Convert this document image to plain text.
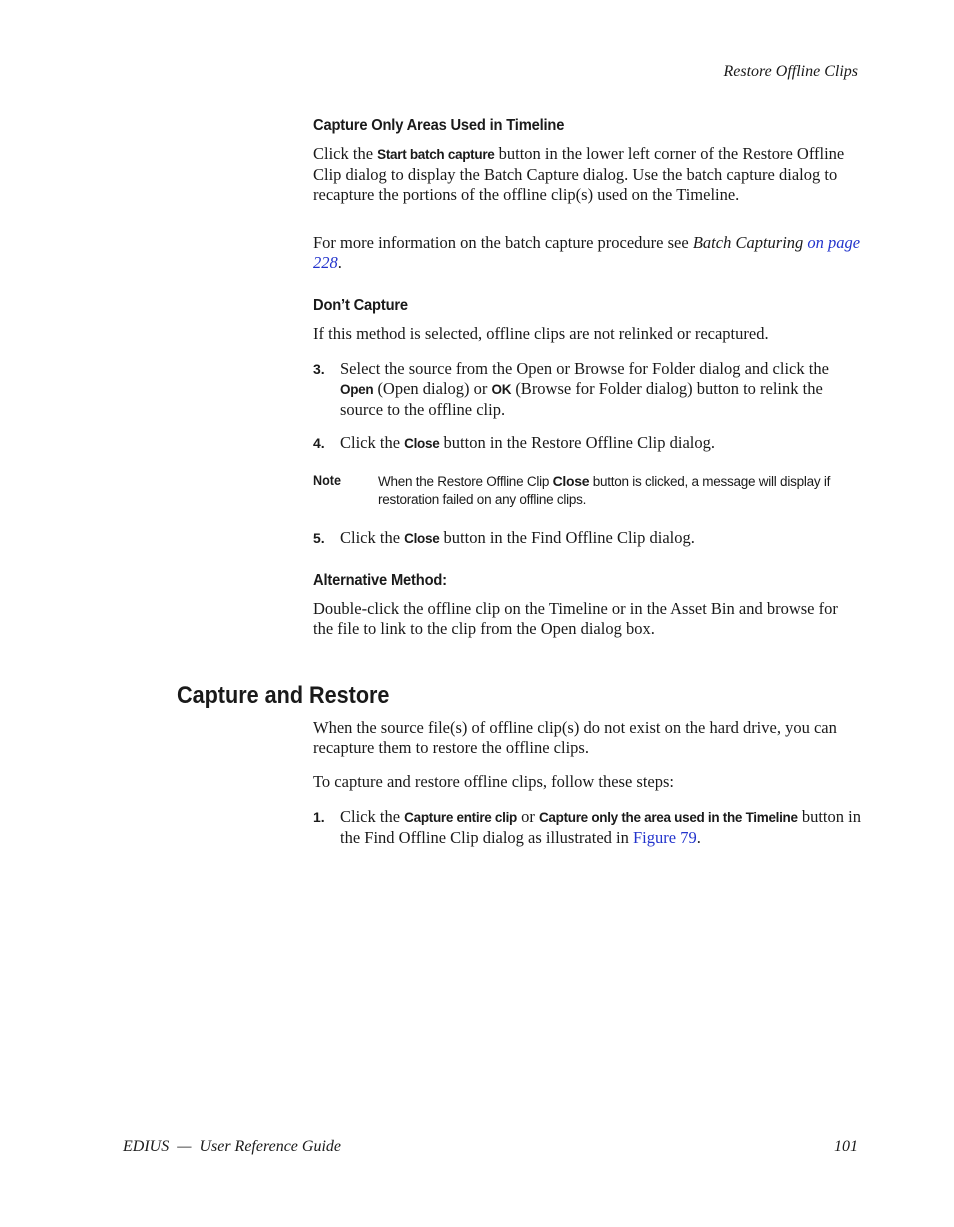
Restore Offline Clips
Capture Only Areas Used in Timeline

Click the Start batch capture button in the lower left corner of the Restore Offline Clip dialog to display the Batch Capture dialog. Use the batch capture dialog to recapture the portions of the offline clip(s) used on the Timeline.

For more information on the batch capture procedure see Batch Capturing on page 228.

Don’t Capture

If this method is selected, offline clips are not relinked or recaptured.

3. Select the source from the Open or Browse for Folder dialog and click the Open (Open dialog) or OK (Browse for Folder dialog) button to relink the source to the offline clip.

4. Click the Close button in the Restore Offline Clip dialog.

Note	When the Restore Offline Clip Close button is clicked, a message will display if restoration failed on any offline clips.
5. Click the Close button in the Find Offline Clip dialog.

Alternative Method:

Double-click the offline clip on the Timeline or in the Asset Bin and browse for the file to link to the clip from the Open dialog box.

Capture and Restore

When the source file(s) of offline clip(s) do not exist on the hard drive, you can recapture them to restore the offline clips.

To capture and restore offline clips, follow these steps:

1. Click the Capture entire clip or Capture only the area used in the Timeline button in the Find Offline Clip dialog as illustrated in Figure 79.

EDIUS  —  User Reference Guide	101
